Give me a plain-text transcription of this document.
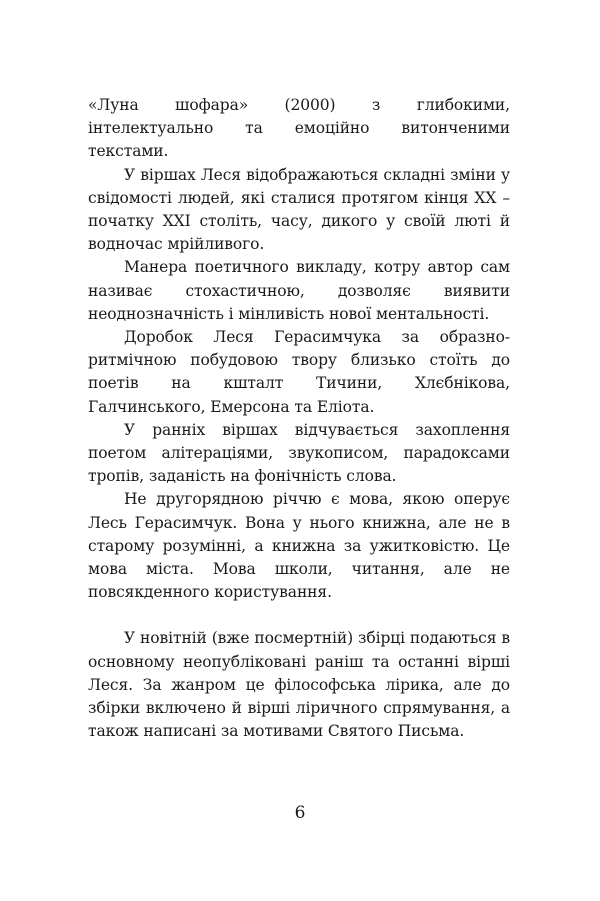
«Луна шофара» (2000) з глибокими, інтелектуально та емоційно витонченими текстами.

У віршах Леся відображаються складні зміни у свідомості людей, які сталися протягом кінця ХХ – початку ХХІ століть, часу, дикого у своїй люті й водночас мрійливого.

Манера поетичного викладу, котру автор сам називає стохастичною, дозволяє виявити неоднозначність і мінливість нової ментальності.

Доробок Леся Герасимчука за образно-ритмічною побудовою твору близько стоїть до поетів на кшталт Тичини, Хлєбнікова, Галчинського, Емерсона та Еліота.

У ранніх віршах відчувається захоплення поетом алітераціями, звукописом, парадоксами тропів, заданість на фонічність слова.

Не другорядною річчю є мова, якою оперує Лесь Герасимчук. Вона у нього книжна, але не в старому розумінні, а книжна за ужитковістю. Це мова міста. Мова школи, читання, але не повсякденного користування.

У новітній (вже посмертній) збірці подаються в основному неопубліковані раніш та останні вірші Леся. За жанром це філософська лірика, але до збірки включено й вірші ліричного спрямування, а також написані за мотивами Святого Письма.

6
